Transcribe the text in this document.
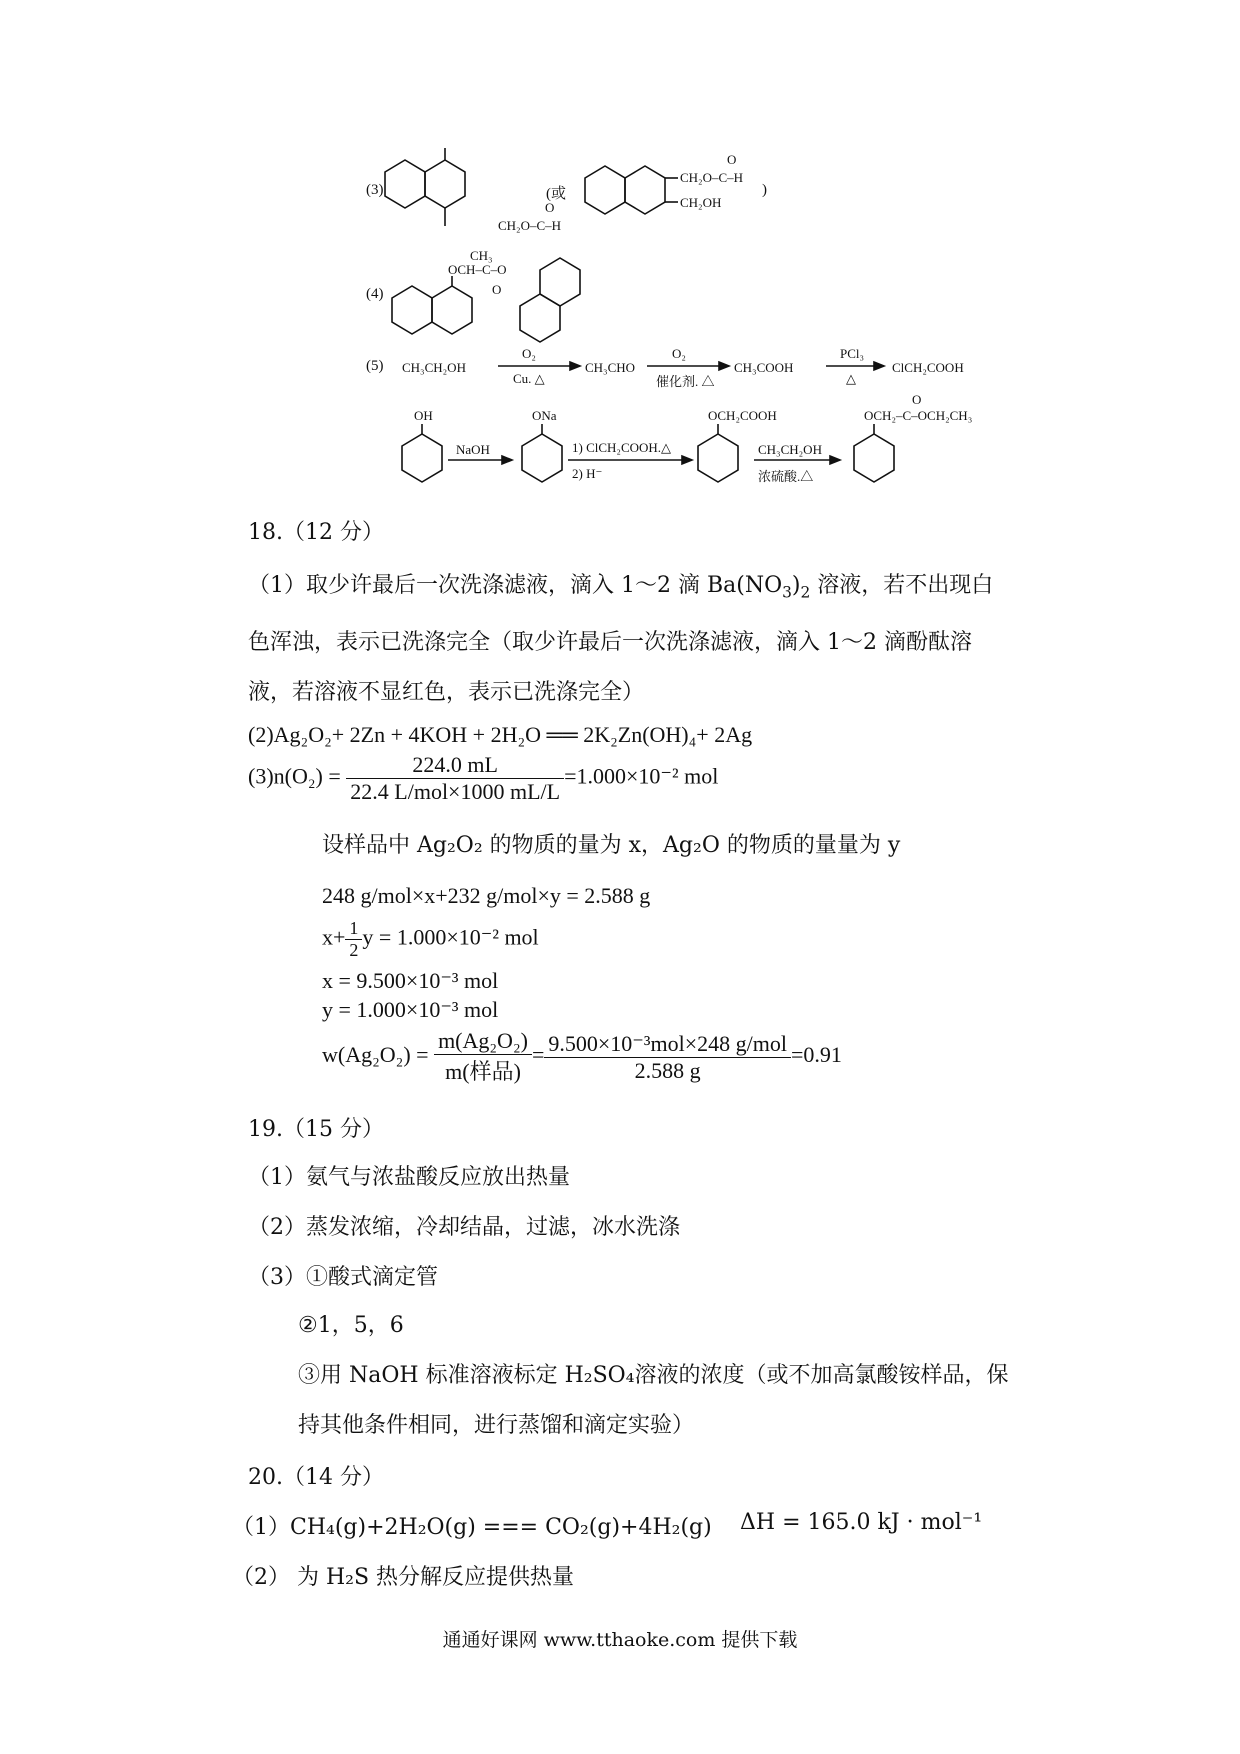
(3)
CH₂O–C–H
O
(或
CH₂O–C–H
O
CH₂OH
)
(4)
CH₃
OCH–C–O
O
(5) CH₃CH₂OH
O₂
Cu. △
CH₃CHO
O₂
催化剂. △
CH₃COOH
PCl₃
△
ClCH₂COOH
OH
NaOH
ONa
1) ClCH₂COOH.△
2) H⁻
OCH₂COOH
CH₃CH₂OH
浓硫酸.△
OCH₂–C–OCH₂CH₃
O
18.（12 分）
（1）取少许最后一次洗涤滤液，滴入 1～2 滴 $Ba(NO_3)_2$ 溶液，若不出现白
色浑浊，表示已洗涤完全（取少许最后一次洗涤滤液，滴入 1～2 滴酚酞溶
液，若溶液不显红色，表示已洗涤完全）
(2)Ag₂O₂+ 2Zn + 4KOH + 2H₂O ══ 2K₂Zn(OH)₄+ 2Ag
$(3)n(O_2) = \frac{224.0 mL}{\text{22.4 L/mol×1000 mL/L}} =1.000\times 10^{-2}$ mol
设样品中 Ag₂O₂ 的物质的量为 x，Ag₂O 的物质的量量为 y
248 g/mol×x+232 g/mol×y = 2.588 g
$x+ \frac{1}{2}$ y = 1.000×10⁻² mol
x = 9.500×10⁻³ mol
y = 1.000×10⁻³ mol
$w(Ag_2O_2) = \frac{\text{m(Ag₂O₂)}}{\text{m(样品)}} = \frac{\text{9.500×10⁻³mol×248 g/mol}}{2.588 g} =0.91$
19.（15 分）
（1）氨气与浓盐酸反应放出热量
（2）蒸发浓缩，冷却结晶，过滤，冰水洗涤
（3）①酸式滴定管
②1，5，6
③用 NaOH 标准溶液标定 H₂SO₄溶液的浓度（或不加高氯酸铵样品，保
持其他条件相同，进行蒸馏和滴定实验）
20.（14 分）
（1）CH₄(g)+2H₂O(g) === CO₂(g)+4H₂(g) ΔH = 165.0 kJ · mol⁻¹
（2） 为 H₂S 热分解反应提供热量
通通好课网 www.tthaoke.com 提供下载
